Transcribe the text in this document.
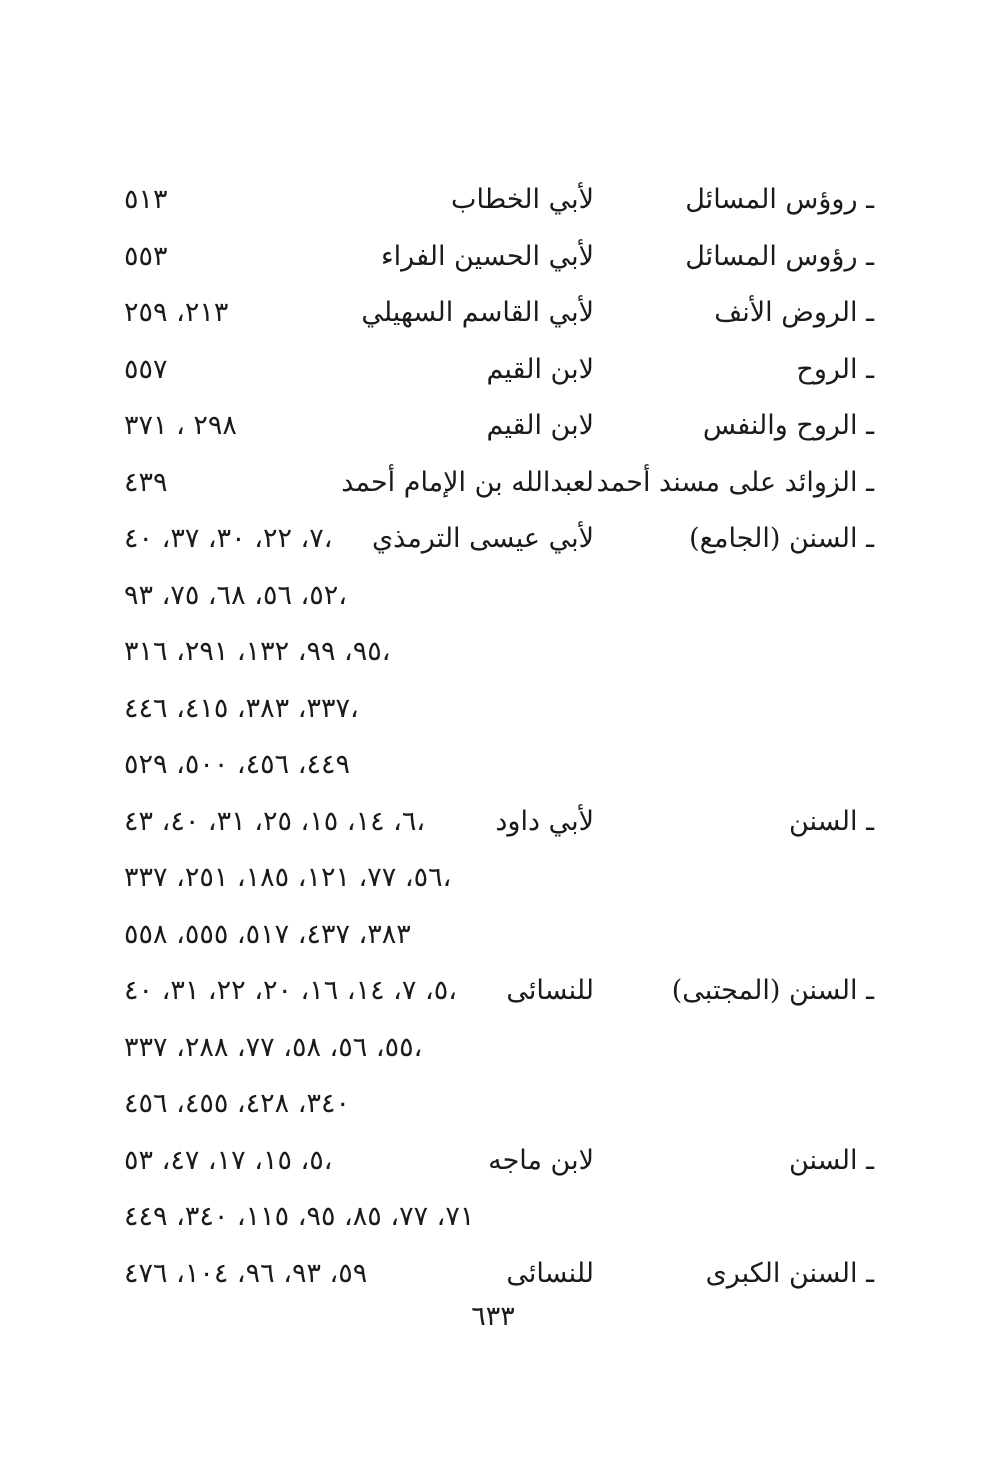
ـ روؤس المسائل
لأبي الخطاب
٥١٣
ـ رؤوس المسائل
لأبي الحسين الفراء
٥٥٣
ـ الروض الأنف
لأبي القاسم السهيلي
٢١٣، ٢٥٩
ـ الروح
لابن القيم
٥٥٧
ـ الروح والنفس
لابن القيم
٢٩٨ ، ٣٧١
ـ الزوائد على مسند أحمد
لعبدالله بن الإمام أحمد
٤٣٩
ـ السنن (الجامع)
لأبي عيسى الترمذي
٧، ٢٢، ٣٠، ٣٧، ٤٠،
٥٢، ٥٦، ٦٨، ٧٥، ٩٣،
٩٥، ٩٩، ١٣٢، ٢٩١، ٣١٦،
٣٣٧، ٣٨٣، ٤١٥، ٤٤٦،
٤٤٩، ٤٥٦، ٥٠٠، ٥٢٩
ـ السنن
لأبي داود
٦، ١٤، ١٥، ٢٥، ٣١، ٤٠، ٤٣،
٥٦، ٧٧، ١٢١، ١٨٥، ٢٥١، ٣٣٧،
٣٨٣، ٤٣٧، ٥١٧، ٥٥٥، ٥٥٨
ـ السنن (المجتبى)
للنسائى
٥، ٧، ١٤، ١٦، ٢٠، ٢٢، ٣١، ٤٠،
٥٥، ٥٦، ٥٨، ٧٧، ٢٨٨، ٣٣٧،
٣٤٠، ٤٢٨، ٤٥٥، ٤٥٦
ـ السنن
لابن ماجه
٥، ١٥، ١٧، ٤٧، ٥٣،
٧١، ٧٧، ٨٥، ٩٥، ١١٥، ٣٤٠، ٤٤٩
ـ السنن الكبرى
للنسائى
٥٩، ٩٣، ٩٦، ١٠٤، ٤٧٦
٦٣٣
